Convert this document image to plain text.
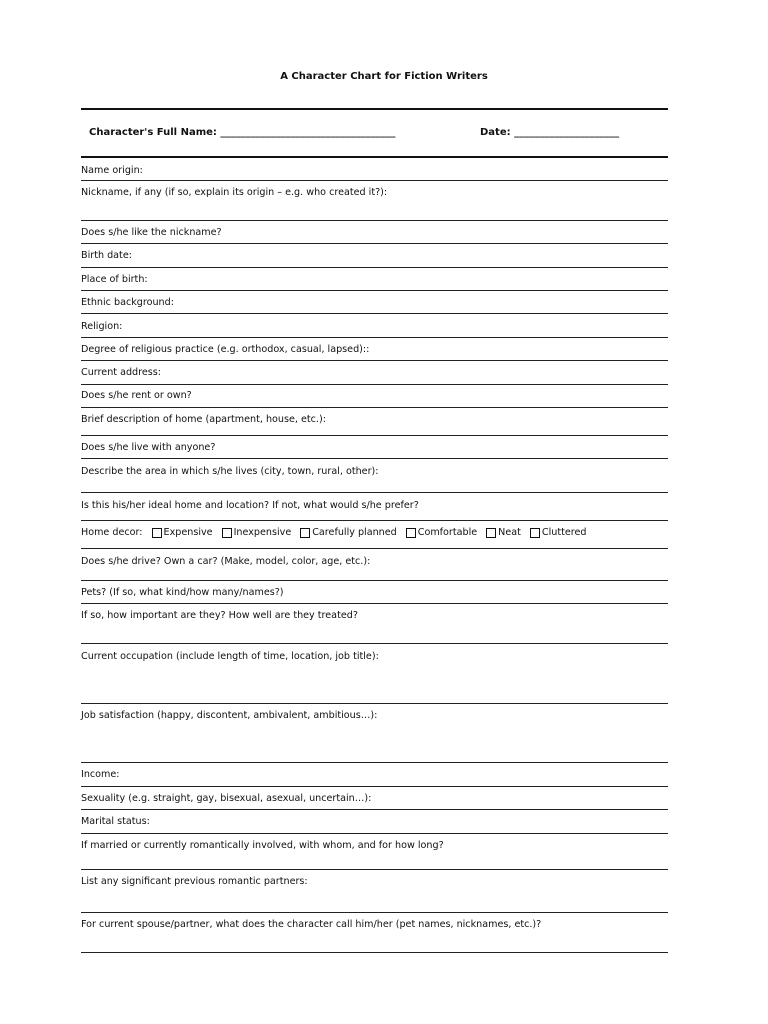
A Character Chart for Fiction Writers
Character's Full Name: ___________________________________	Date: _____________________
Name origin:
Nickname, if any (if so, explain its origin – e.g. who created it?):
Does s/he like the nickname?
Birth date:
Place of birth:
Ethnic background:
Religion:
Degree of religious practice (e.g. orthodox, casual, lapsed)::
Current address:
Does s/he rent or own?
Brief description of home (apartment, house, etc.):
Does s/he live with anyone?
Describe the area in which s/he lives (city, town, rural, other):
Is this his/her ideal home and location? If not, what would s/he prefer?
Home decor: Expensive Inexpensive Carefully planned Comfortable Neat Cluttered
Does s/he drive? Own a car? (Make, model, color, age, etc.):
Pets? (If so, what kind/how many/names?)
If so, how important are they? How well are they treated?
Current occupation (include length of time, location, job title):
Job satisfaction (happy, discontent, ambivalent, ambitious…):
Income:
Sexuality (e.g. straight, gay, bisexual, asexual, uncertain…):
Marital status:
If married or currently romantically involved, with whom, and for how long?
List any significant previous romantic partners:
For current spouse/partner, what does the character call him/her (pet names, nicknames, etc.)?
